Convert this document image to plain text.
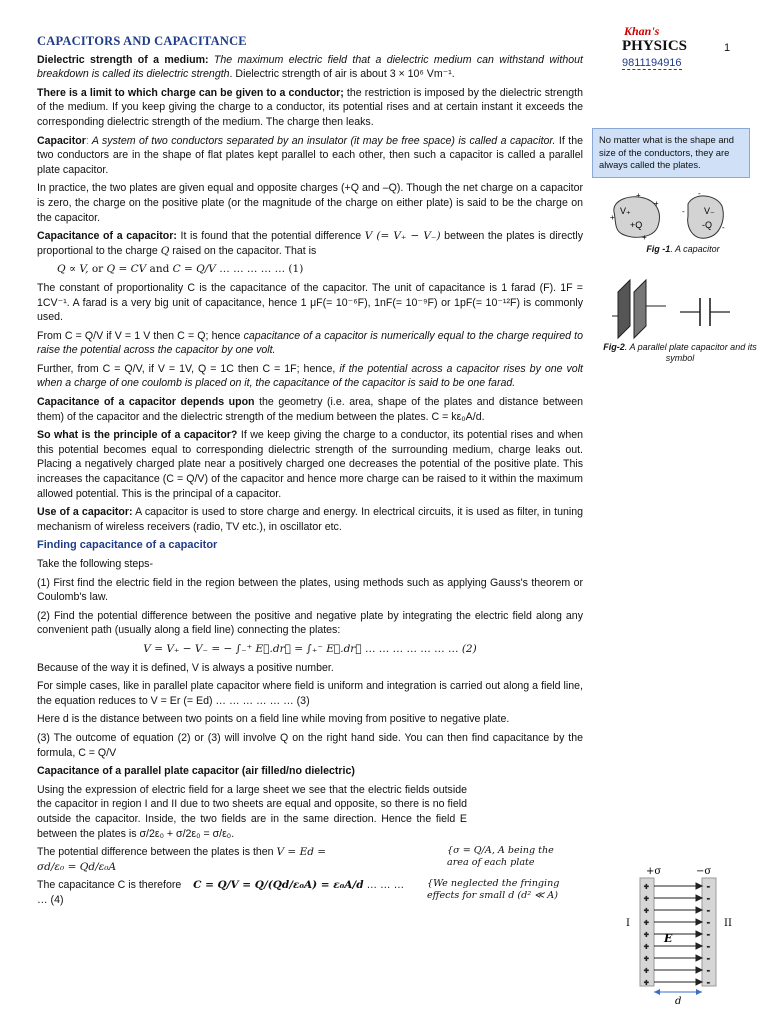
Khan's
PHYSICS
9811194916
1
CAPACITORS AND CAPACITANCE

Dielectric strength of a medium: The maximum electric field that a dielectric medium can withstand without breakdown is called its dielectric strength. Dielectric strength of air is about 3 × 10⁶ Vm⁻¹.

There is a limit to which charge can be given to a conductor; the restriction is imposed by the dielectric strength of the medium. If you keep giving the charge to a conductor, its potential rises and at certain instant it exceeds the corresponding dielectric strength of the medium. The charge then leaks.

Capacitor: A system of two conductors separated by an insulator (it may be free space) is called a capacitor. If the two conductors are in the shape of flat plates kept parallel to each other, then such a capacitor is called a parallel plate capacitor.

In practice, the two plates are given equal and opposite charges (+Q and –Q). Though the net charge on a capacitor is zero, the charge on the positive plate (or the magnitude of the charge on either plate) is said to be the charge on the capacitor.

Capacitance of a capacitor: It is found that the potential difference V (= V₊ − V₋) between the plates is directly proportional to the charge Q raised on the capacitor. That is

Q ∝ V, or Q = CV and C = Q/V … … … … … (1)

The constant of proportionality C is the capacitance of the capacitor. The unit of capacitance is 1 farad (F). 1F = 1CV⁻¹. A farad is a very big unit of capacitance, hence 1 μF(= 10⁻⁶F), 1nF(= 10⁻⁹F) or 1pF(= 10⁻¹²F) is commonly used.

From C = Q/V if V = 1 V then C = Q; hence capacitance of a capacitor is numerically equal to the charge required to raise the potential across the capacitor by one volt.

Further, from C = Q/V, if V = 1V, Q = 1C then C = 1F; hence, if the potential across a capacitor rises by one volt when a charge of one coulomb is placed on it, the capacitance of the capacitor is said to be one farad.

Capacitance of a capacitor depends upon the geometry (i.e. area, shape of the plates and distance between them) of the capacitor and the dielectric strength of the medium between the plates. C = kε₀A/d.

So what is the principle of a capacitor? If we keep giving the charge to a conductor, its potential rises and when this potential becomes equal to corresponding dielectric strength of the surrounding medium, charge leaks out. Placing a negatively charged plate near a positively charged one decreases the potential of the positive plate. This increases the capacitance (C = Q/V) of the capacitor and hence more charge can be raised to it within the maximum allowed potential. This is the principal of a capacitor.

Use of a capacitor: A capacitor is used to store charge and energy. In electrical circuits, it is used as filter, in tuning mechanism of wireless receivers (radio, TV etc.), in oscillator etc.

Finding capacitance of a capacitor

Take the following steps-

(1) First find the electric field in the region between the plates, using methods such as applying Gauss's theorem or Coulomb's law.

(2) Find the potential difference between the positive and negative plate by integrating the electric field along any convenient path (usually along a field line) connecting the plates:

V = V₊ − V₋ = − ∫₋⁺ E⃗.dr⃗ = ∫₊⁻ E⃗.dr⃗ … … … … … … … (2)

Because of the way it is defined, V is always a positive number.

For simple cases, like in parallel plate capacitor where field is uniform and integration is carried out along a field line, the equation reduces to V = Er (= Ed) … … … … … … (3)

Here d is the distance between two points on a field line while moving from positive to negative plate.

(3) The outcome of equation (2) or (3) will involve Q on the right hand side. You can then find capacitance by the formula, C = Q/V

Capacitance of a parallel plate capacitor (air filled/no dielectric)

Using the expression of electric field for a large sheet we see that the electric fields outside the capacitor in region I and II due to two sheets are equal and opposite, so there is no field outside the capacitor. Inside, the two fields are in the same direction. Hence the field E between the plates is σ/2ε₀ + σ/2ε₀ = σ/ε₀.

The potential difference between the plates is then V = Ed = σd/ε₀ = Qd/ε₀A
{σ = Q/A, A being the
area of each plate
The capacitance C is therefore C = Q/V = Q/(Qd/ε₀A) = ε₀A/d … … … … (4)
{We neglected the fringing
effects for small d (d² ≪ A)
No matter what is the shape and size of the conductors, they are always called the plates.
+
+
+
+
-
-
-
V₊
+Q
V₋
-Q
Fig -1. A capacitor
Fig-2. A parallel plate capacitor and its symbol
+σ	−σ
+	-
+	-
+	-
+	-
+	-
+	-
+	-
+	-
+	-
I	II
E
d
